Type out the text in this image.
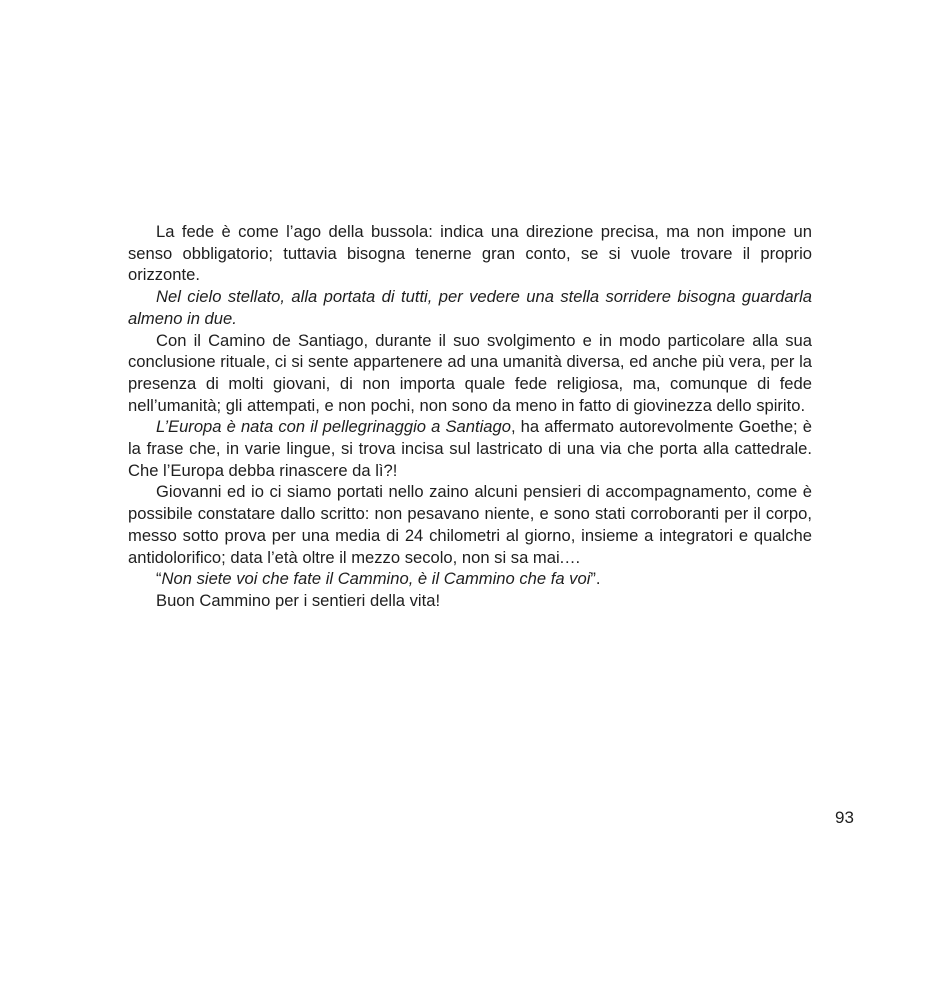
La fede è come l’ago della bussola: indica una direzione precisa, ma non impone un senso obbligatorio; tuttavia bisogna tenerne gran conto, se si vuole trovare il proprio orizzonte.

Nel cielo stellato, alla portata di tutti, per vedere una stella sorridere bisogna guardarla almeno in due.

Con il Camino de Santiago, durante il suo svolgimento e in modo particolare alla sua conclusione rituale, ci si sente appartenere ad una umanità diversa, ed anche più vera, per la presenza di molti giovani, di non importa quale fede religiosa, ma, comunque di fede nell’umanità; gli attempati, e non pochi, non sono da meno in fatto di giovinezza dello spirito.

L’Europa è nata con il pellegrinaggio a Santiago, ha affermato autorevolmente Goethe; è la frase che, in varie lingue, si trova incisa sul lastricato di una via che porta alla cattedrale. Che l’Europa debba rinascere da lì?!

Giovanni ed io ci siamo portati nello zaino alcuni pensieri di accompagnamento, come è possibile constatare dallo scritto: non pesavano niente, e sono stati corroboranti per il corpo, messo sotto prova per una media di 24 chilometri al giorno, insieme a integratori e qualche antidolorifico; data l’età oltre il mezzo secolo, non si sa mai.…

“Non siete voi che fate il Cammino, è il Cammino che fa voi”.

Buon Cammino per i sentieri della vita!

93
